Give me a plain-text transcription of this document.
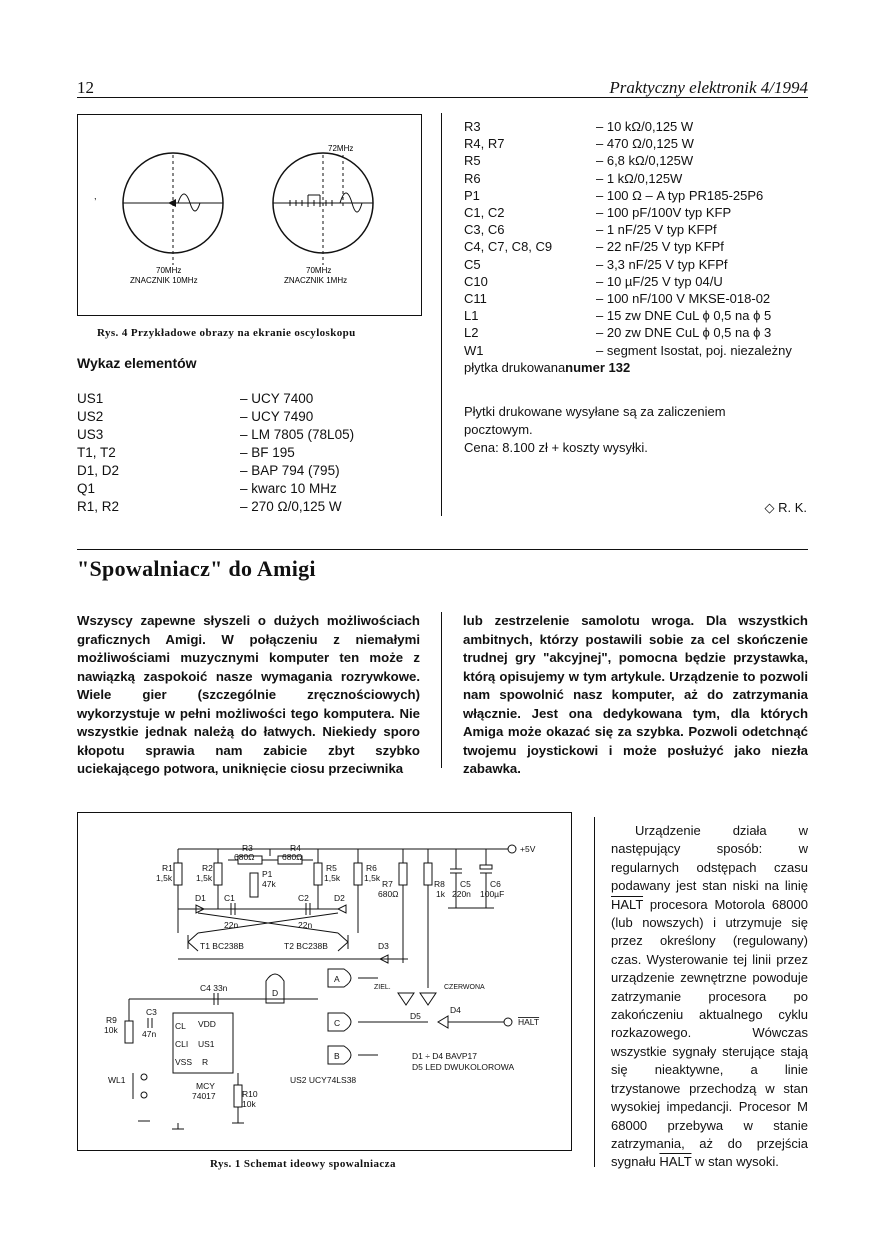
12	Praktyczny elektronik 4/1994
72MHz
,
70MHz
ZNACZNIK 10MHz
70MHz
ZNACZNIK 1MHz
Rys. 4 Przykładowe obrazy na ekranie oscyloskopu
Wykaz elementów
US1	– UCY 7400
US2	– UCY 7490
US3	– LM 7805 (78L05)
T1, T2	– BF 195
D1, D2	– BAP 794 (795)
Q1	– kwarc 10 MHz
R1, R2	– 270 Ω/0,125 W
R3	– 10 kΩ/0,125 W
R4, R7	– 470 Ω/0,125 W
R5	– 6,8 kΩ/0,125W
R6	– 1 kΩ/0,125W
P1	– 100 Ω – A typ PR185-25P6
C1, C2	– 100 pF/100V typ KFP
C3, C6	– 1 nF/25 V typ KFPf
C4, C7, C8, C9	– 22 nF/25 V typ KFPf
C5	– 3,3 nF/25 V typ KFPf
C10	– 10 µF/25 V typ 04/U
C11	– 100 nF/100 V MKSE-018-02
L1	– 15 zw DNE CuL ϕ 0,5 na ϕ 5
L2	– 20 zw DNE CuL ϕ 0,5 na ϕ 3
W1	– segment Isostat, poj. niezależny
płytka drukowana numer 132
Płytki drukowane wysyłane są za zaliczeniem pocztowym.
Cena: 8.100 zł + koszty wysyłki.
◇ R. K.
"Spowalniacz" do Amigi
Wszyscy zapewne słyszeli o dużych możliwościach graficznych Amigi. W połączeniu z niemałymi możliwościami muzycznymi komputer ten może z nawiązką zaspokoić nasze wymagania rozrywkowe. Wiele gier (szczególnie zręcznościowych) wykorzystuje w pełni możliwości tego komputera. Nie wszystkie jednak należą do łatwych. Niekiedy sporo kłopotu sprawia nam zabicie zbyt szybko uciekającego potwora, uniknięcie ciosu przeciwnika
lub zestrzelenie samolotu wroga. Dla wszystkich ambitnych, którzy postawili sobie za cel skończenie trudnej gry "akcyjnej", pomocna będzie przystawka, którą opisujemy w tym artykule. Urządzenie to pozwoli nam spowolnić nasz komputer, aż do zatrzymania włącznie. Jest ona dedykowana tym, dla których Amiga może okazać się za szybka. Pozwoli odetchnąć twojemu joystickowi i może posłużyć jako niezła zabawka.
+5V
R3
680Ω
R4
680Ω
R1
1,5k
R2
1,5k	P1
47k
R5
1,5k
R6
1,5k
R7
680Ω
R8
1k
C5
220n
C6
100µF
D1 C1	C2	D2
22n	22n
T1 BC238B	T2 BC238B	D3
C4 33n
R9
10k
C3
47n
CL VDD
CLI US1
VSS R
MCY
74017	R10
10k
WL1	US2 UCY74LS38
A
C
B
D
ZIEL.	CZERWONA
D5
D4
HALT
D1 ÷ D4 BAVP17
D5 LED DWUKOLOROWA
Rys. 1 Schemat ideowy spowalniacza
Urządzenie działa w następujący sposób: w regularnych odstępach czasu podawany jest stan niski na linię HALT procesora Motorola 68000 (lub nowszych) i utrzymuje się przez określony (regulowany) czas. Wysterowanie tej linii przez urządzenie zewnętrzne powoduje zatrzymanie procesora po zakończeniu aktualnego cyklu rozkazowego. Wówczas wszystkie sygnały sterujące stają się nieaktywne, a linie trzystanowe przechodzą w stan wysokiej impedancji. Procesor M 68000 przebywa w stanie zatrzymania, aż do przejścia sygnału HALT w stan wysoki.
